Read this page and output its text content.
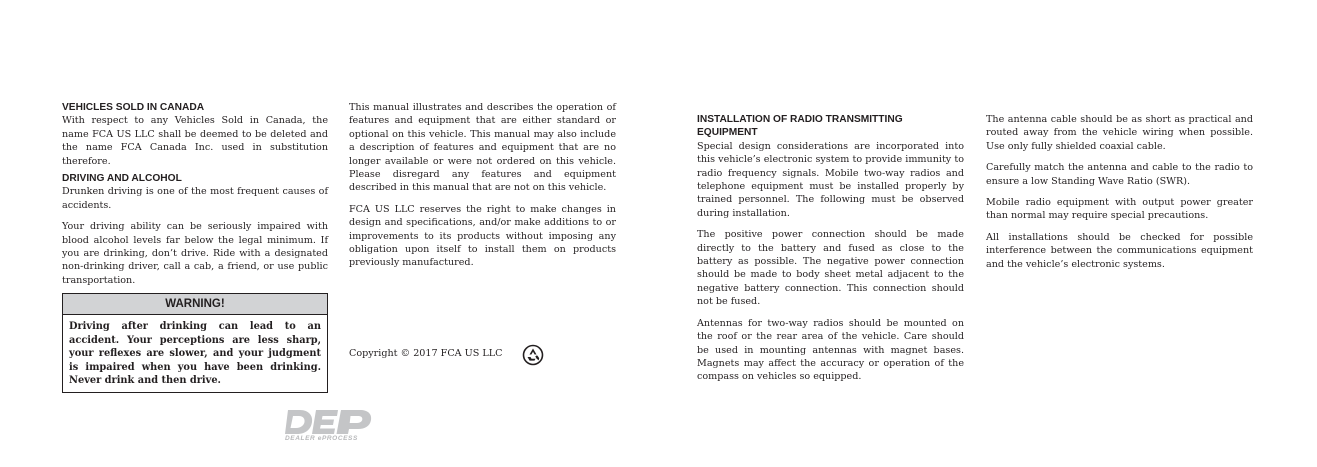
VEHICLES SOLD IN CANADA

With respect to any Vehicles Sold in Canada, the name FCA US LLC shall be deemed to be deleted and the name FCA Canada Inc. used in substitution therefore.

DRIVING AND ALCOHOL

Drunken driving is one of the most frequent causes of accidents.

Your driving ability can be seriously impaired with blood alcohol levels far below the legal minimum. If you are drinking, don’t drive. Ride with a designated non-drinking driver, call a cab, a friend, or use public transportation.

WARNING!
Driving after drinking can lead to an accident. Your perceptions are less sharp, your reflexes are slower, and your judgment is impaired when you have been drinking. Never drink and then drive.

This manual illustrates and describes the operation of features and equipment that are either standard or optional on this vehicle. This manual may also include a description of features and equipment that are no longer available or were not ordered on this vehicle. Please disregard any features and equipment described in this manual that are not on this vehicle.

FCA US LLC reserves the right to make changes in design and specifications, and/or make additions to or improvements to its products without imposing any obligation upon itself to install them on products previously manufactured.

Copyright © 2017 FCA US LLC
INSTALLATION OF RADIO TRANSMITTING EQUIPMENT

Special design considerations are incorporated into this vehicle’s electronic system to provide immunity to radio frequency signals. Mobile two-way radios and telephone equipment must be installed properly by trained personnel. The following must be observed during installation.

The positive power connection should be made directly to the battery and fused as close to the battery as possible. The negative power connection should be made to body sheet metal adjacent to the negative battery connection. This connection should not be fused.

Antennas for two-way radios should be mounted on the roof or the rear area of the vehicle. Care should be used in mounting antennas with magnet bases. Magnets may affect the accuracy or operation of the compass on vehicles so equipped.

The antenna cable should be as short as practical and routed away from the vehicle wiring when possible. Use only fully shielded coaxial cable.

Carefully match the antenna and cable to the radio to ensure a low Standing Wave Ratio (SWR).

Mobile radio equipment with output power greater than normal may require special precautions.

All installations should be checked for possible interference between the communications equipment and the vehicle’s electronic systems.

DEALER ePROCESS
